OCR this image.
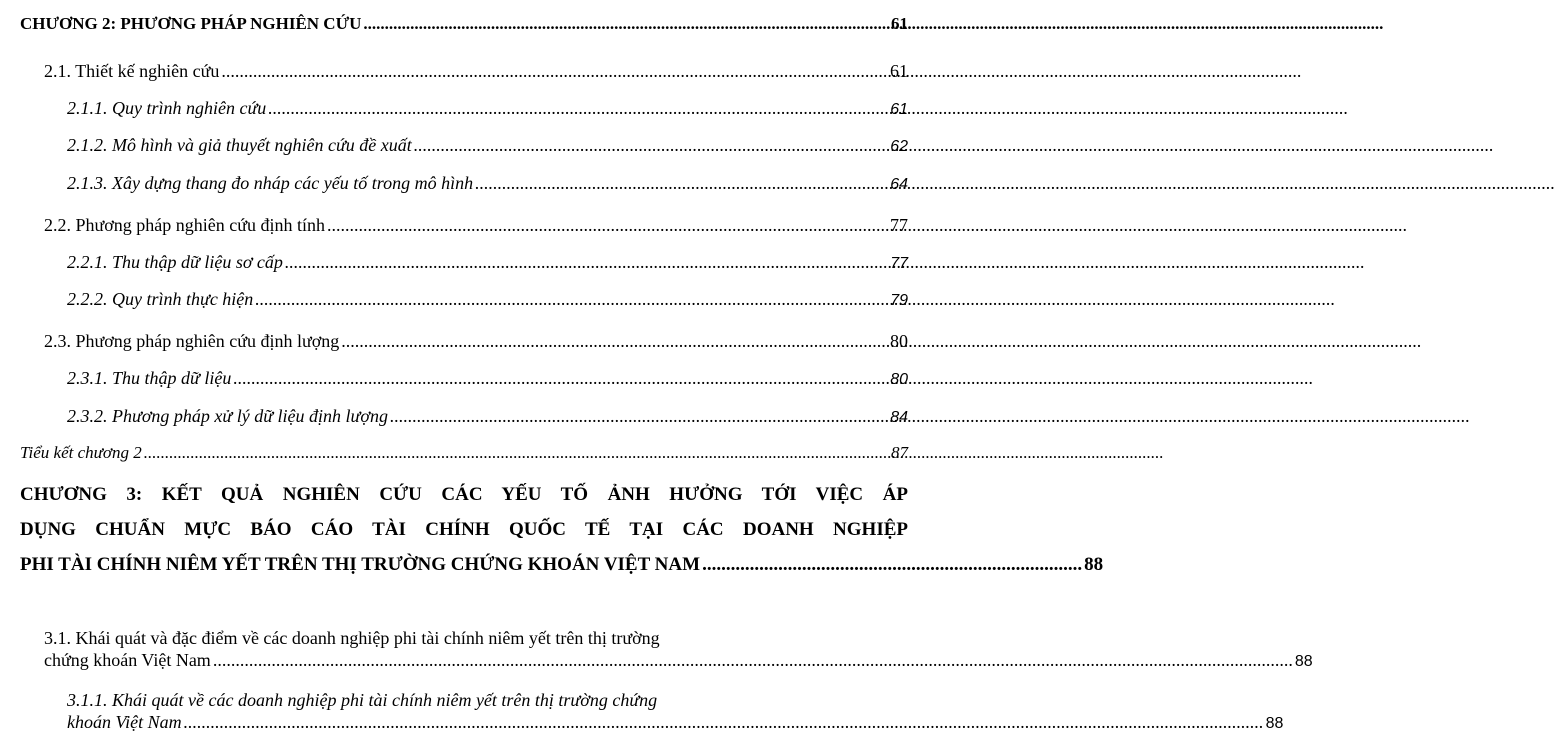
CHƯƠNG 2: PHƯƠNG PHÁP NGHIÊN CỨU .....	61
2.1. Thiết kế nghiên cứu .....	61
2.1.1. Quy trình nghiên cứu .....	61
2.1.2. Mô hình và giả thuyết nghiên cứu đề xuất .....	62
2.1.3. Xây dựng thang đo nháp các yếu tố trong mô hình .....	64
2.2. Phương pháp nghiên cứu định tính .....	77
2.2.1. Thu thập dữ liệu sơ cấp .....	77
2.2.2. Quy trình thực hiện .....	79
2.3. Phương pháp nghiên cứu định lượng .....	80
2.3.1. Thu thập dữ liệu .....	80
2.3.2. Phương pháp xử lý dữ liệu định lượng .....	84
Tiểu kết chương 2 .....	87
CHƯƠNG 3: KẾT QUẢ NGHIÊN CỨU CÁC YẾU TỐ ẢNH HƯỞNG TỚI VIỆC ÁP
DỤNG CHUẨN MỰC BÁO CÁO TÀI CHÍNH QUỐC TẾ TẠI CÁC DOANH NGHIỆP
PHI TÀI CHÍNH NIÊM YẾT TRÊN THỊ TRƯỜNG CHỨNG KHOÁN VIỆT NAM ................................................................................ 88
3.1. Khái quát và đặc điểm về các doanh nghiệp phi tài chính niêm yết trên thị trường
chứng khoán Việt Nam .....	88
3.1.1. Khái quát về các doanh nghiệp phi tài chính niêm yết trên thị trường chứng
khoán Việt Nam .....	88
